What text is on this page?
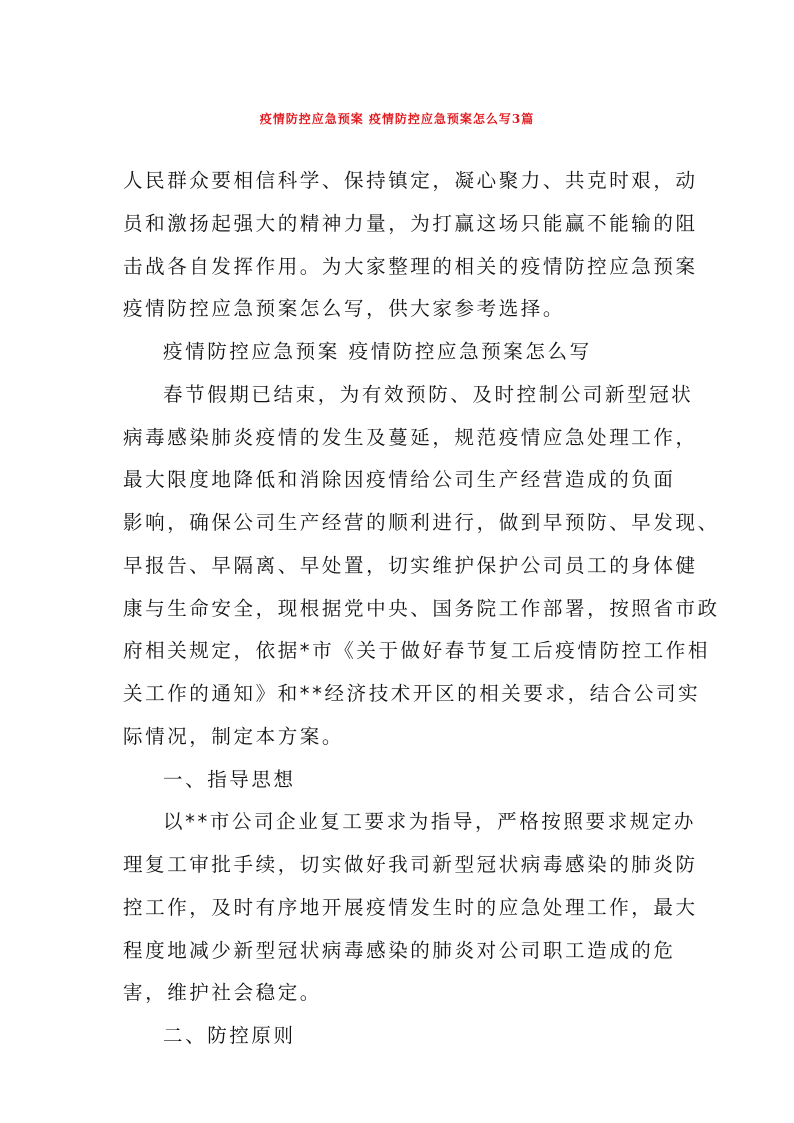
疫情防控应急预案 疫情防控应急预案怎么写3篇
人民群众要相信科学、保持镇定，凝心聚力、共克时艰，动
员和激扬起强大的精神力量，为打赢这场只能赢不能输的阻
击战各自发挥作用。为大家整理的相关的疫情防控应急预案
疫情防控应急预案怎么写，供大家参考选择。
疫情防控应急预案 疫情防控应急预案怎么写
春节假期已结束，为有效预防、及时控制公司新型冠状
病毒感染肺炎疫情的发生及蔓延，规范疫情应急处理工作，
最大限度地降低和消除因疫情给公司生产经营造成的负面
影响，确保公司生产经营的顺利进行，做到早预防、早发现、
早报告、早隔离、早处置，切实维护保护公司员工的身体健
康与生命安全，现根据党中央、国务院工作部署，按照省市政
府相关规定，依据*市《关于做好春节复工后疫情防控工作相
关工作的通知》和**经济技术开区的相关要求，结合公司实
际情况，制定本方案。
一、指导思想
以**市公司企业复工要求为指导，严格按照要求规定办
理复工审批手续，切实做好我司新型冠状病毒感染的肺炎防
控工作，及时有序地开展疫情发生时的应急处理工作，最大
程度地减少新型冠状病毒感染的肺炎对公司职工造成的危
害，维护社会稳定。
二、防控原则
